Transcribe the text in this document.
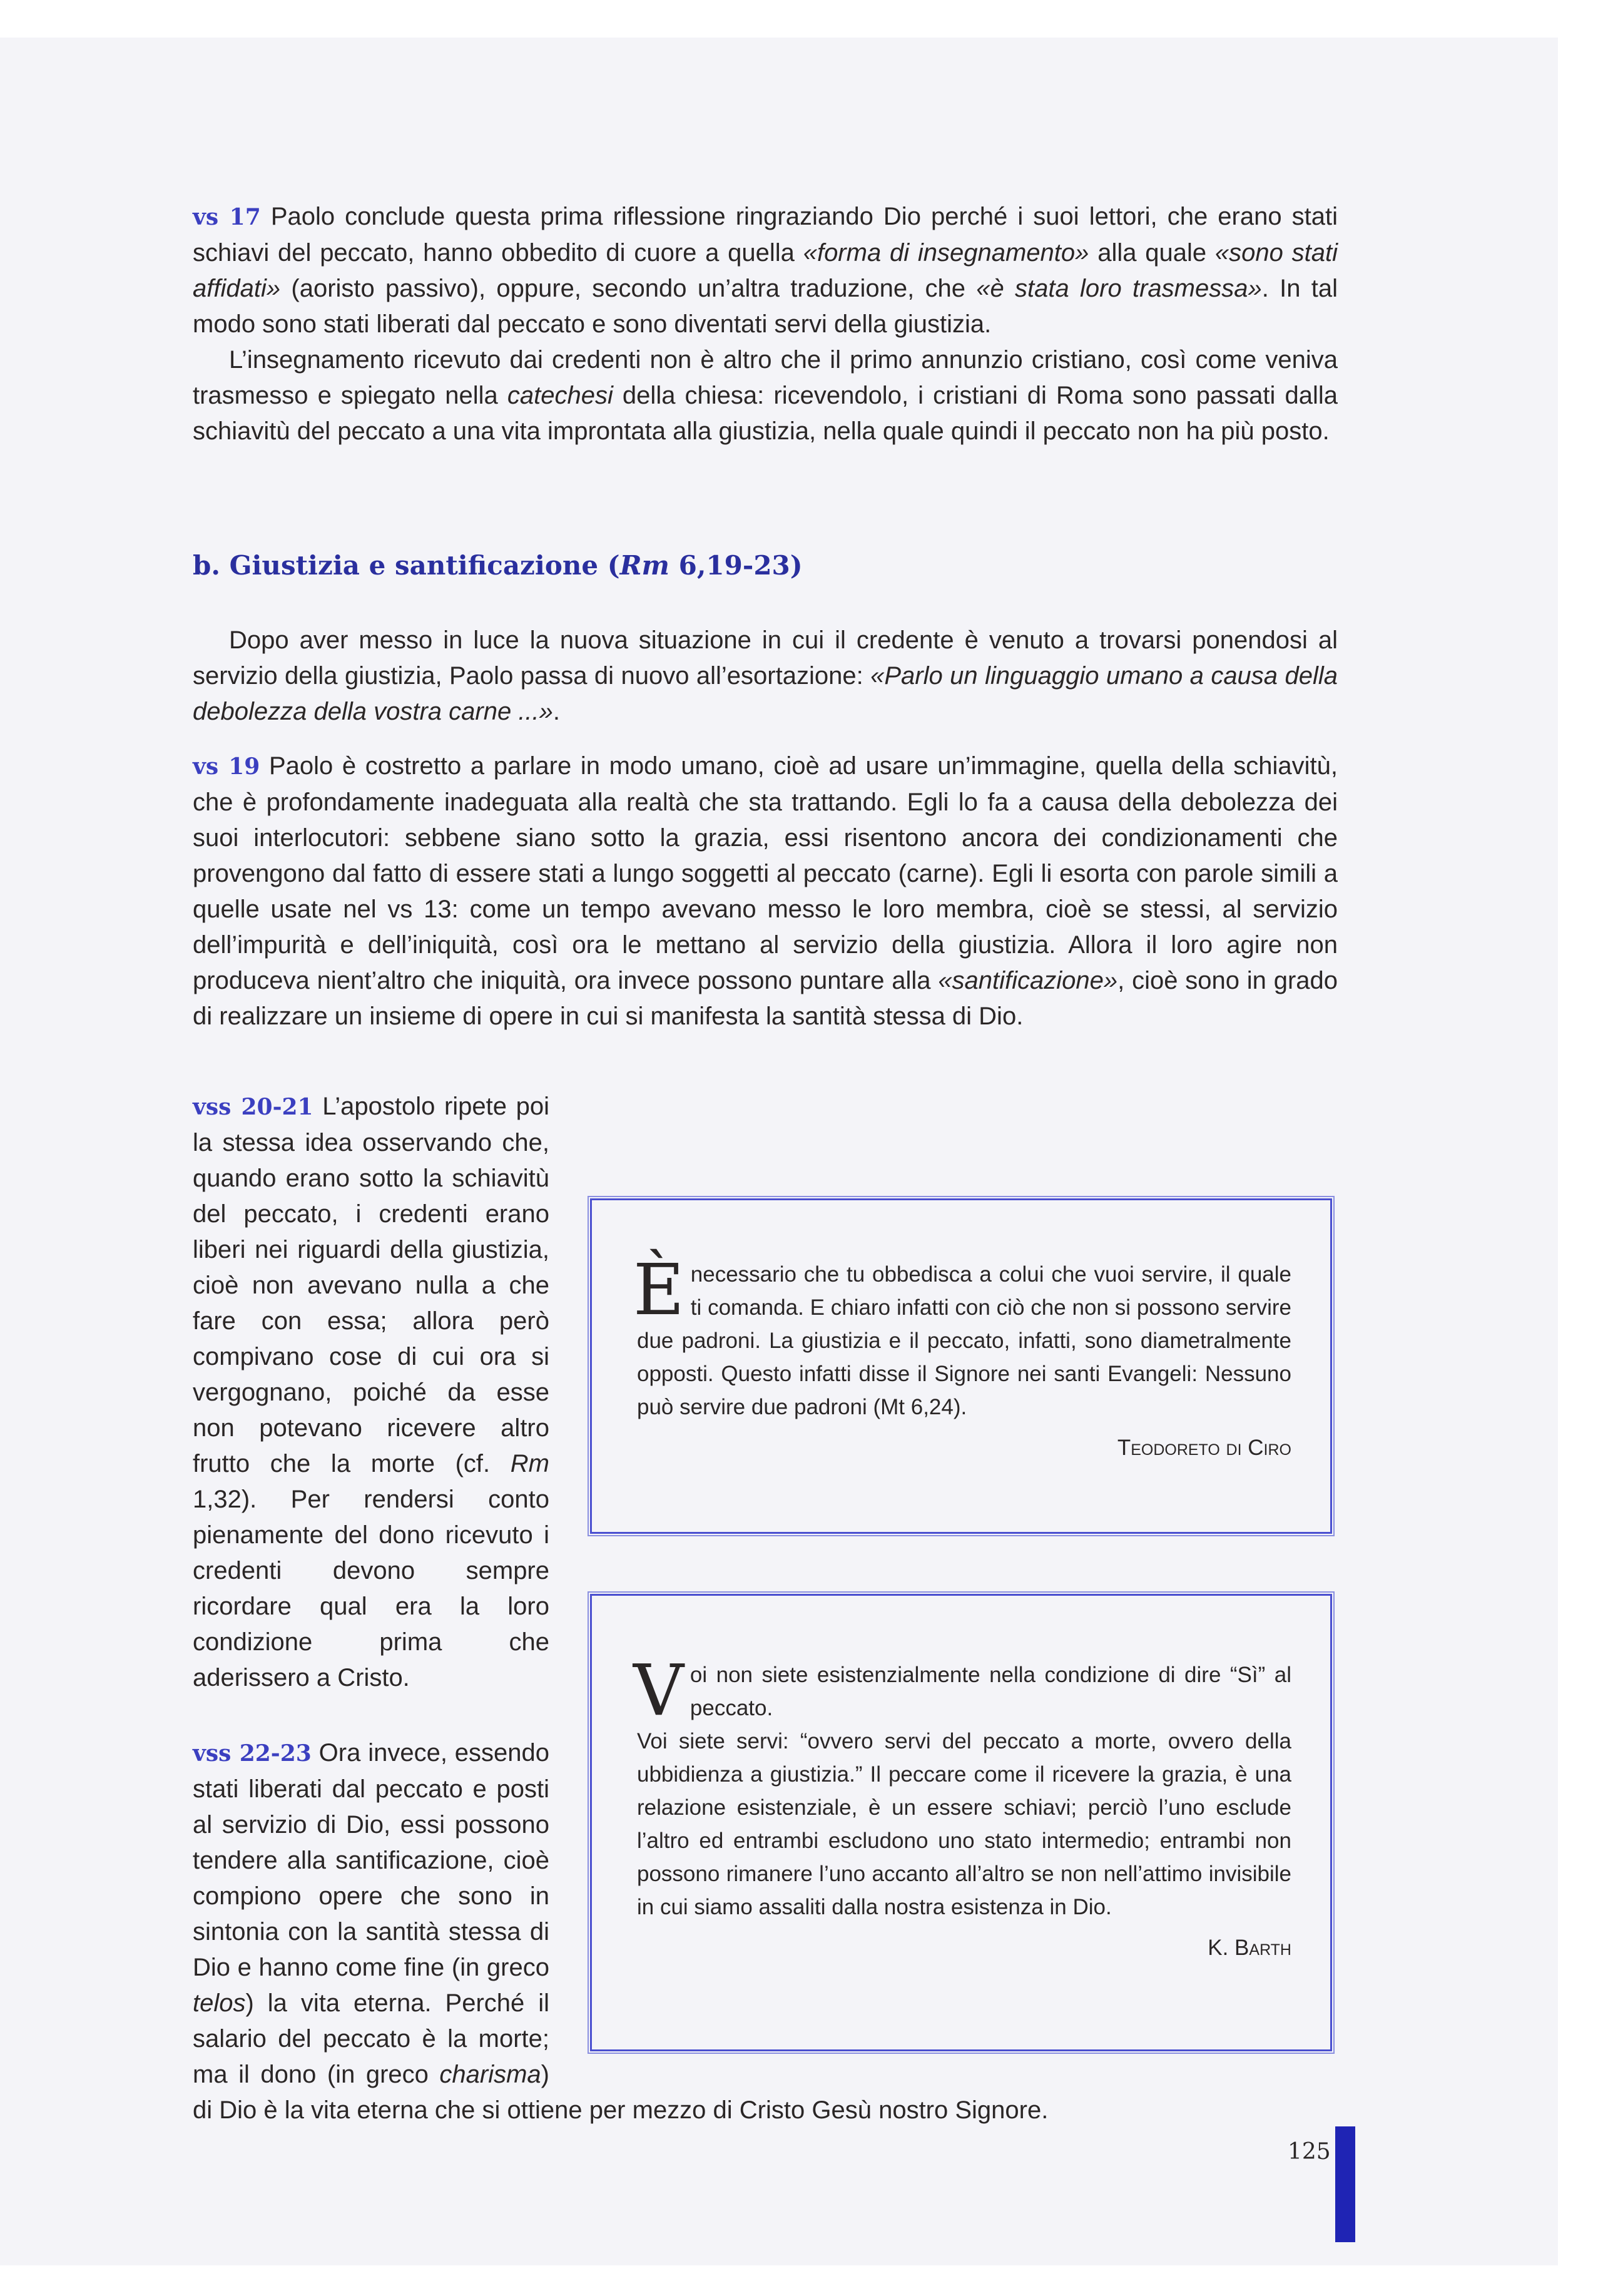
vs 17 Paolo conclude questa prima riflessione ringraziando Dio perché i suoi lettori, che erano stati schiavi del peccato, hanno obbedito di cuore a quella «forma di insegnamento» alla quale «sono stati affidati» (aoristo passivo), oppure, secondo un’altra traduzione, che «è stata loro trasmessa». In tal modo sono stati liberati dal peccato e sono diventati servi della giustizia.

L’insegnamento ricevuto dai credenti non è altro che il primo annunzio cristiano, così come veniva trasmesso e spiegato nella catechesi della chiesa: ricevendolo, i cristiani di Roma sono passati dalla schiavitù del peccato a una vita improntata alla giustizia, nella quale quindi il peccato non ha più posto.

b. Giustizia e santificazione (Rm 6,19-23)

Dopo aver messo in luce la nuova situazione in cui il credente è venuto a trovarsi ponendosi al servizio della giustizia, Paolo passa di nuovo all’esortazione: «Parlo un linguaggio umano a causa della debolezza della vostra carne ...».

vs 19 Paolo è costretto a parlare in modo umano, cioè ad usare un’immagine, quella della schiavitù, che è profondamente inadeguata alla realtà che sta trattando. Egli lo fa a causa della debolezza dei suoi interlocutori: sebbene siano sotto la grazia, essi risentono ancora dei condizionamenti che provengono dal fatto di essere stati a lungo soggetti al peccato (carne). Egli li esorta con parole simili a quelle usate nel vs 13: come un tempo avevano messo le loro membra, cioè se stessi, al servizio dell’impurità e dell’iniquità, così ora le mettano al servizio della giustizia. Allora il loro agire non produceva nient’altro che iniquità, ora invece possono puntare alla «santificazione», cioè sono in grado di realizzare un insieme di opere in cui si manifesta la santità stessa di Dio.

vss 20-21 L’apostolo ripete poi la stessa idea osservando che, quando erano sotto la schiavitù del peccato, i credenti erano liberi nei riguardi della giustizia, cioè non avevano nulla a che fare con essa; allora però compivano cose di cui ora si vergognano, poiché da esse non potevano ricevere altro frutto che la morte (cf. Rm 1,32). Per rendersi conto pienamente del dono ricevuto i credenti devono sempre ricordare qual era la loro condizione prima che aderissero a Cristo.

vss 22-23 Ora invece, essendo stati liberati dal peccato e posti al servizio di Dio, essi possono tendere alla santificazione, cioè compiono opere che sono in sintonia con la santità stessa di Dio e hanno come fine (in greco telos) la vita eterna. Perché il salario del peccato è la morte; ma il dono (in greco charisma) di Dio è la vita eterna che si ottiene per mezzo di Cristo Gesù nostro Signore.

Ènecessario che tu obbedisca a colui che vuoi servire, il quale ti comanda. E chiaro infatti con ciò che non si possono servire due padroni. La giustizia e il peccato, infatti, sono diametralmente opposti. Questo infatti disse il Signore nei santi Evangeli: Nessuno può servire due padroni (Mt 6,24).

Teodoreto di Ciro

Voi non siete esistenzialmente nella condizione di dire “Sì” al peccato.

Voi siete servi: “ovvero servi del peccato a morte, ovvero della ubbidienza a giustizia.” Il peccare come il ricevere la grazia, è una relazione esistenziale, è un essere schiavi; perciò l’uno esclude l’altro ed entrambi escludono uno stato intermedio; entrambi non possono rimanere l’uno accanto all’altro se non nell’attimo invisibile in cui siamo assaliti dalla nostra esistenza in Dio.

K. Barth

125
